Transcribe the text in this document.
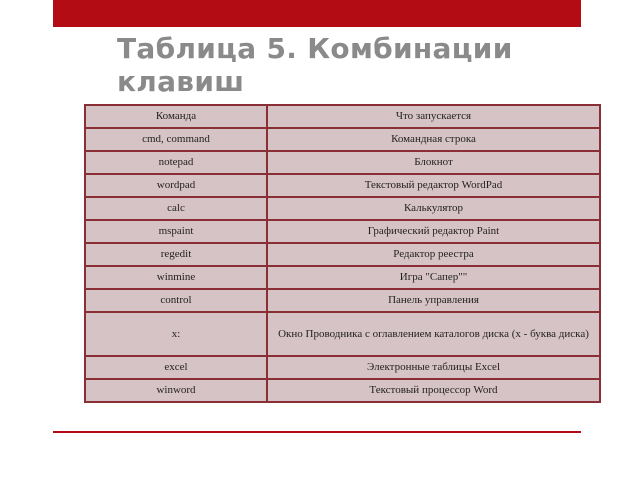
Таблица 5. Комбинации клавиш
Команда	Что запускается
cmd, command	Командная строка
notepad	Блокнот
wordpad	Текстовый редактор WordPad
calc	Калькулятор
mspaint	Графический редактор Paint
regedit	Редактор реестра
winmine	Игра "Сапер""
control	Панель управления
x:	Окно Проводника с оглавлением каталогов диска (x - буква диска)
excel	Электронные таблицы Excel
winword	Текстовый процессор Word
